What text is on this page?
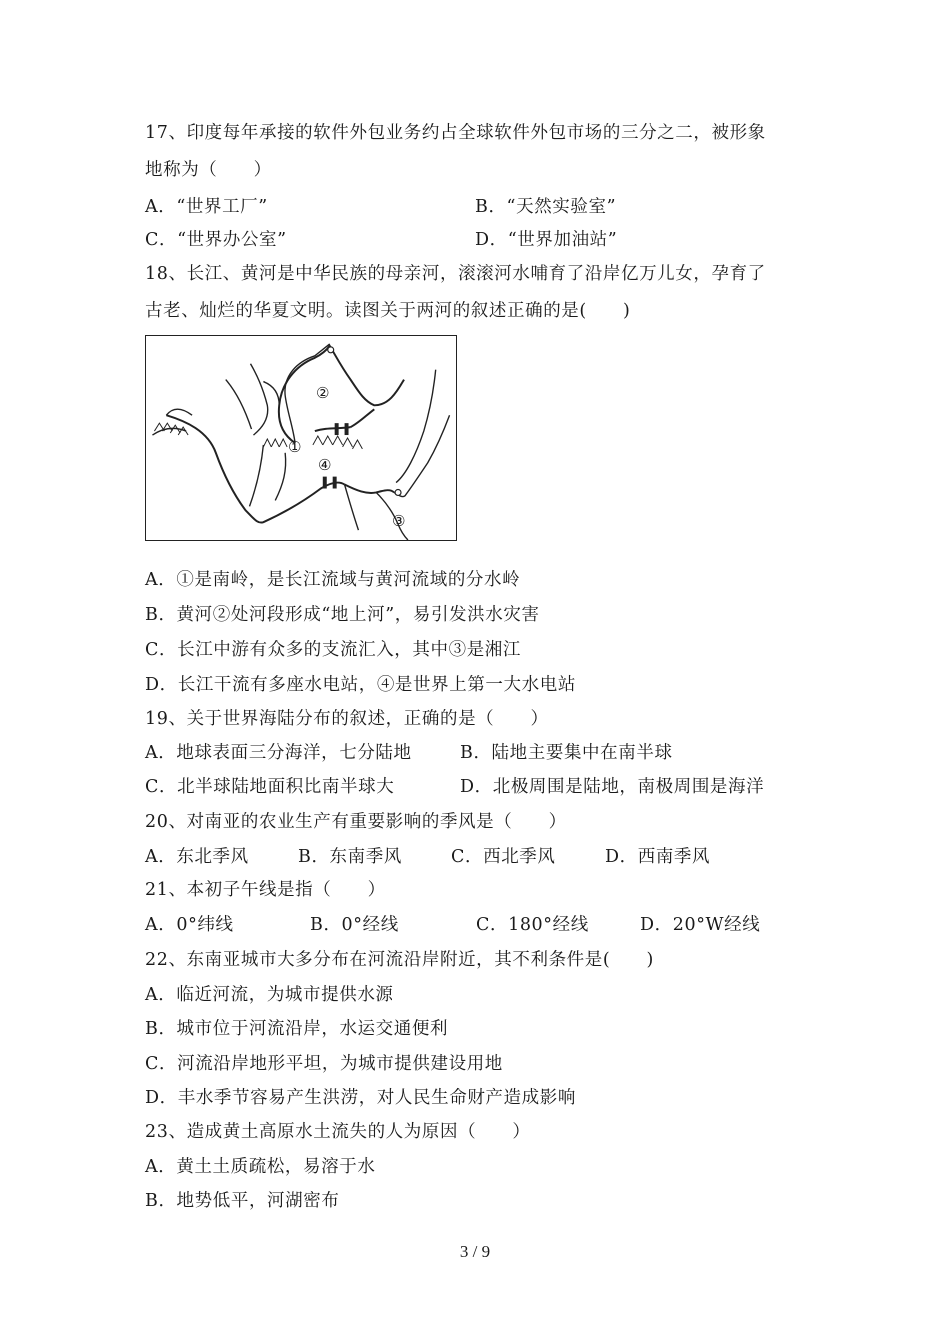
17、印度每年承接的软件外包业务约占全球软件外包市场的三分之二，被形象
地称为（　　）
A．“世界工厂”	B．“天然实验室”
C．“世界办公室”	D．“世界加油站”
18、长江、黄河是中华民族的母亲河，滚滚河水哺育了沿岸亿万儿女，孕育了
古老、灿烂的华夏文明。读图关于两河的叙述正确的是(　　)
②
①
④
③
A．①是南岭，是长江流域与黄河流域的分水岭
B．黄河②处河段形成“地上河”，易引发洪水灾害
C．长江中游有众多的支流汇入，其中③是湘江
D．长江干流有多座水电站，④是世界上第一大水电站
19、关于世界海陆分布的叙述，正确的是（　　）
A．地球表面三分海洋，七分陆地	B．陆地主要集中在南半球
C．北半球陆地面积比南半球大	D．北极周围是陆地，南极周围是海洋
20、对南亚的农业生产有重要影响的季风是（　　）
A．东北季风	B．东南季风	C．西北季风	D．西南季风
21、本初子午线是指（　　）
A．0°纬线	B．0°经线	C．180°经线	D．20°W经线
22、东南亚城市大多分布在河流沿岸附近，其不利条件是(　　)
A．临近河流，为城市提供水源
B．城市位于河流沿岸，水运交通便利
C．河流沿岸地形平坦，为城市提供建设用地
D．丰水季节容易产生洪涝，对人民生命财产造成影响
23、造成黄土高原水土流失的人为原因（　　）
A．黄土土质疏松，易溶于水
B．地势低平，河湖密布
3 / 9
